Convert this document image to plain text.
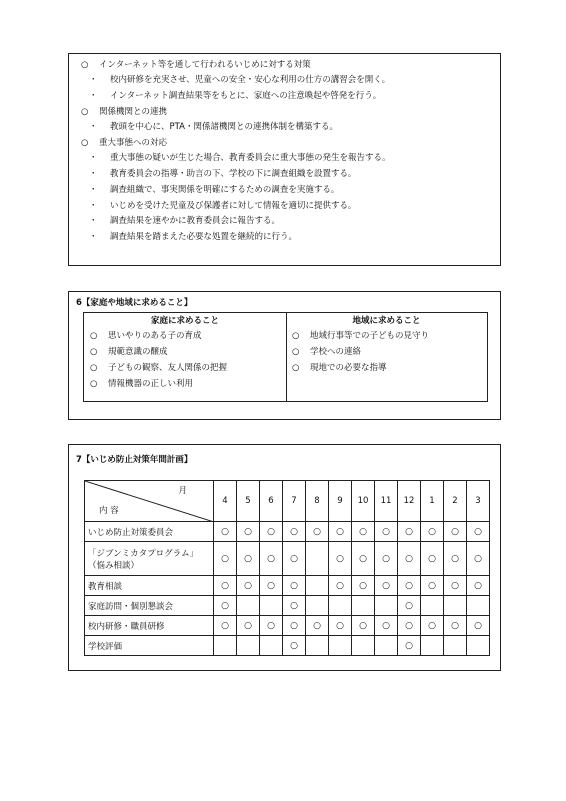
○ インターネット等を通して行われるいじめに対する対策
・ 校内研修を充実させ、児童への安全・安心な利用の仕方の講習会を開く。
・ インターネット調査結果等をもとに、家庭への注意喚起や啓発を行う。
○ 関係機関との連携
・ 教頭を中心に、PTA・関係諸機関との連携体制を構築する。
○ 重大事態への対応
・ 重大事態の疑いが生じた場合、教育委員会に重大事態の発生を報告する。
・ 教育委員会の指導・助言の下、学校の下に調査組織を設置する。
・ 調査組織で、事実関係を明確にするための調査を実施する。
・ いじめを受けた児童及び保護者に対して情報を適切に提供する。
・ 調査結果を速やかに教育委員会に報告する。
・ 調査結果を踏まえた必要な処置を継続的に行う。
6【家庭や地域に求めること】
家庭に求めること
○ 思いやりのある子の育成
○ 規範意識の醸成
○ 子どもの観察、友人関係の把握
○ 情報機器の正しい利用
地域に求めること
○ 地域行事等での子どもの見守り
○ 学校への連絡
○ 現地での必要な指導
7【いじめ防止対策年間計画】
月
内 容	4	5	6	7	8	9	10	11	12	1	2	3

いじめ防止対策委員会	○	○	○	○	○	○	○	○	○	○	○	○

「ジブンミカタプログラム」
（悩み相談）	○	○	○	○		○	○	○	○	○	○	○

教育相談	○	○	○	○		○	○	○	○	○	○	○

家庭訪問・個別懇談会	○			○					○			

校内研修・職員研修	○	○	○	○	○	○	○	○	○	○	○	○

学校評価				○					○			
